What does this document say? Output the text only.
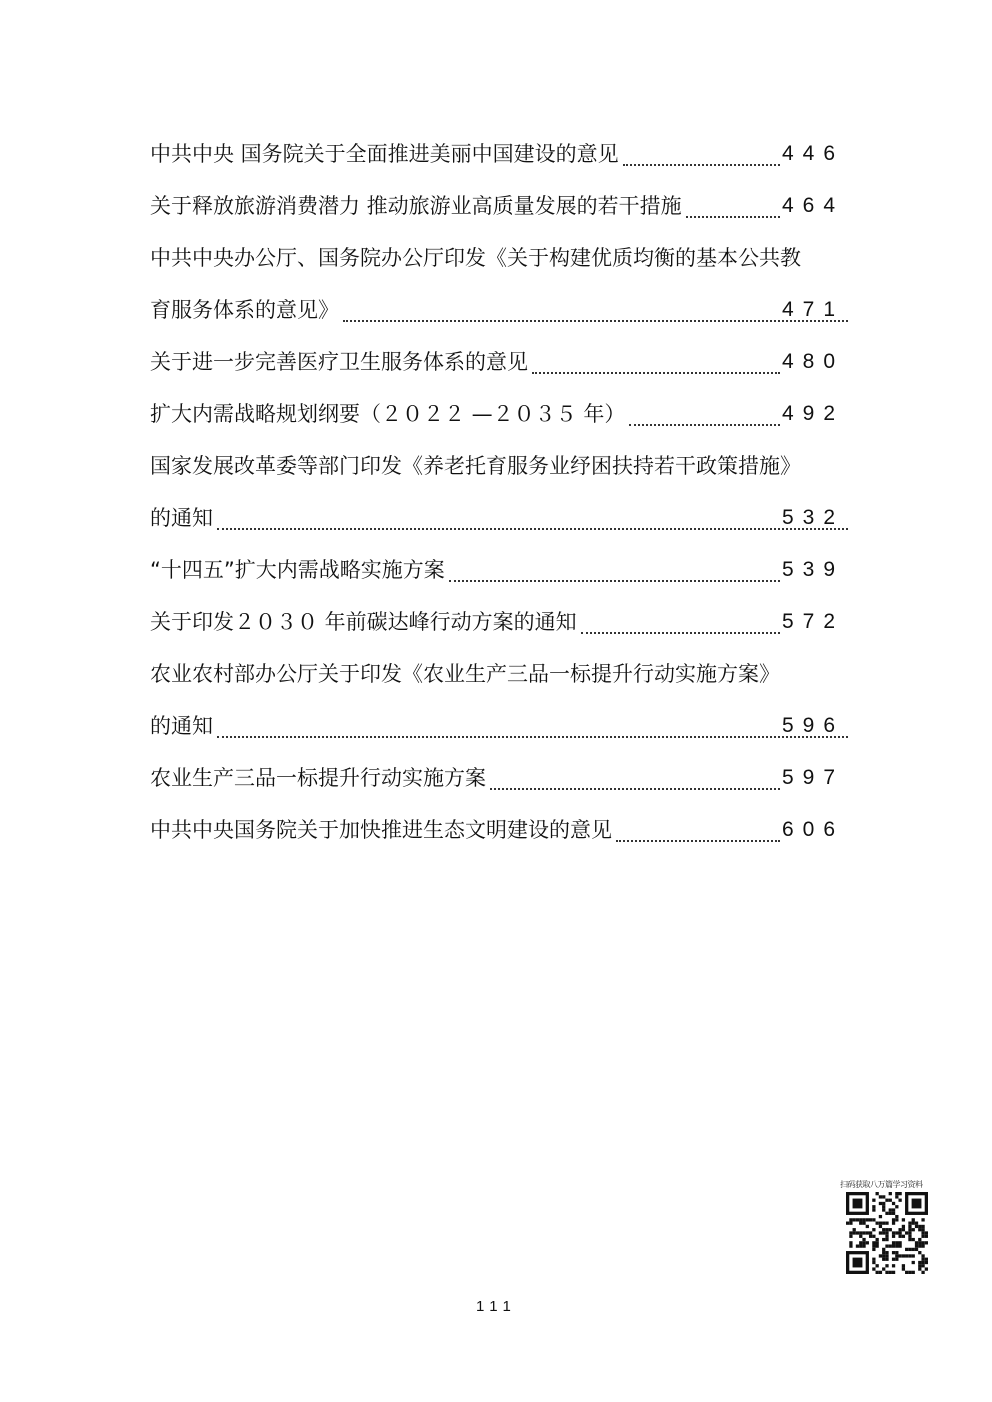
中共中央 国务院关于全面推进美丽中国建设的意见	446
关于释放旅游消费潜力 推动旅游业高质量发展的若干措施	464
中共中央办公厅、国务院办公厅印发《关于构建优质均衡的基本公共教
育服务体系的意见》	471
关于进一步完善医疗卫生服务体系的意见	480
扩大内需战略规划纲要（２０２２ —２０３５ 年）	492
国家发展改革委等部门印发《养老托育服务业纾困扶持若干政策措施》
的通知	532
“十四五”扩大内需战略实施方案	539
关于印发２０３０ 年前碳达峰行动方案的通知	572
农业农村部办公厅关于印发《农业生产三品一标提升行动实施方案》
的通知	596
农业生产三品一标提升行动实施方案	597
中共中央国务院关于加快推进生态文明建设的意见	606
扫码获取八万篇学习资料
111
